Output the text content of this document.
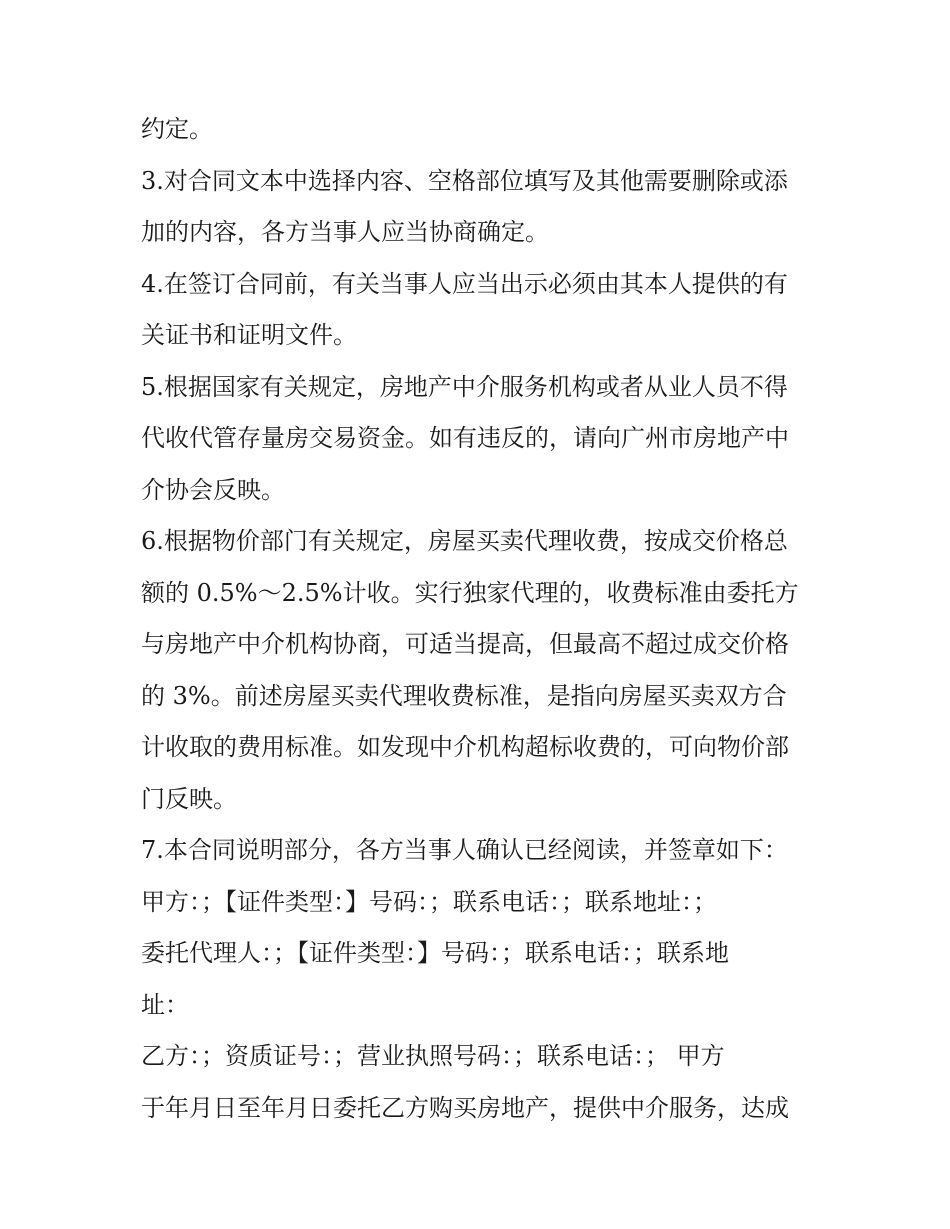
约定。
3.对合同文本中选择内容、空格部位填写及其他需要删除或添
加的内容，各方当事人应当协商确定。
4.在签订合同前，有关当事人应当出示必须由其本人提供的有
关证书和证明文件。
5.根据国家有关规定，房地产中介服务机构或者从业人员不得
代收代管存量房交易资金。如有违反的，请向广州市房地产中
介协会反映。
6.根据物价部门有关规定，房屋买卖代理收费，按成交价格总
额的 0.5%～2.5%计收。实行独家代理的，收费标准由委托方
与房地产中介机构协商，可适当提高，但最高不超过成交价格
的 3%。前述房屋买卖代理收费标准，是指向房屋买卖双方合
计收取的费用标准。如发现中介机构超标收费的，可向物价部
门反映。
7.本合同说明部分，各方当事人确认已经阅读，并签章如下：
甲方：；【证件类型：】号码：；联系电话：；联系地址：；
委托代理人：；【证件类型：】号码：；联系电话：；联系地
址：
乙方：；资质证号：；营业执照号码：；联系电话：； 甲方
于年月日至年月日委托乙方购买房地产，提供中介服务，达成
